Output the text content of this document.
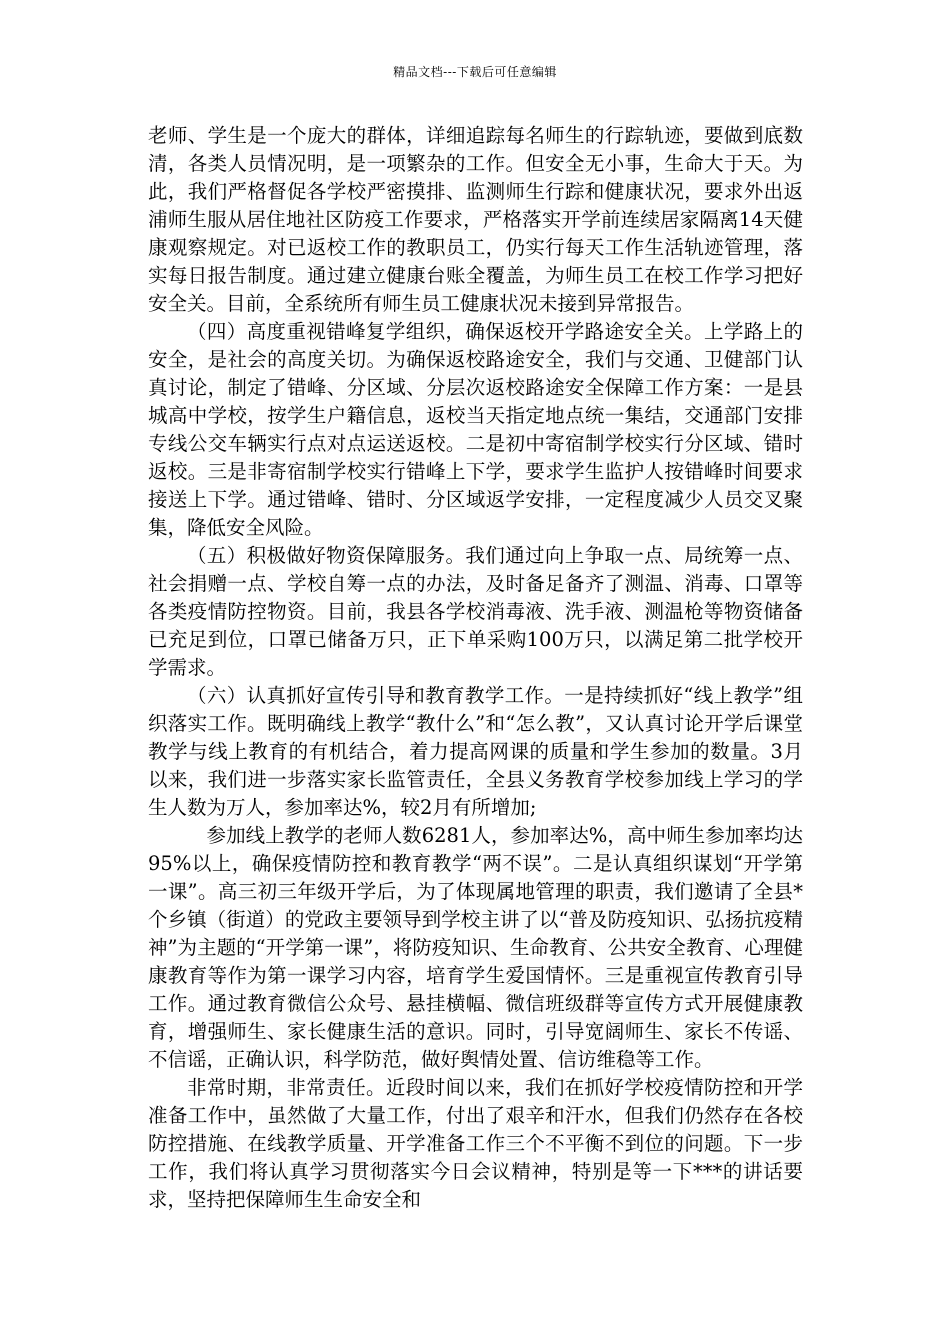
精品文档---下载后可任意编辑

老师、学生是一个庞大的群体，详细追踪每名师生的行踪轨迹，要做到底数清，各类人员情况明，是一项繁杂的工作。但安全无小事，生命大于天。为此，我们严格督促各学校严密摸排、监测师生行踪和健康状况，要求外出返浦师生服从居住地社区防疫工作要求，严格落实开学前连续居家隔离14天健康观察规定。对已返校工作的教职员工，仍实行每天工作生活轨迹管理，落实每日报告制度。通过建立健康台账全覆盖，为师生员工在校工作学习把好安全关。目前，全系统所有师生员工健康状况未接到异常报告。

（四）高度重视错峰复学组织，确保返校开学路途安全关。上学路上的安全，是社会的高度关切。为确保返校路途安全，我们与交通、卫健部门认真讨论，制定了错峰、分区域、分层次返校路途安全保障工作方案：一是县城高中学校，按学生户籍信息，返校当天指定地点统一集结，交通部门安排专线公交车辆实行点对点运送返校。二是初中寄宿制学校实行分区域、错时返校。三是非寄宿制学校实行错峰上下学，要求学生监护人按错峰时间要求接送上下学。通过错峰、错时、分区域返学安排，一定程度减少人员交叉聚集，降低安全风险。

（五）积极做好物资保障服务。我们通过向上争取一点、局统筹一点、社会捐赠一点、学校自筹一点的办法，及时备足备齐了测温、消毒、口罩等各类疫情防控物资。目前，我县各学校消毒液、洗手液、测温枪等物资储备已充足到位，口罩已储备万只，正下单采购100万只，以满足第二批学校开学需求。

（六）认真抓好宣传引导和教育教学工作。一是持续抓好“线上教学”组织落实工作。既明确线上教学“教什么”和“怎么教”，又认真讨论开学后课堂教学与线上教育的有机结合，着力提高网课的质量和学生参加的数量。3月以来，我们进一步落实家长监管责任，全县义务教育学校参加线上学习的学生人数为万人，参加率达%，较2月有所增加;

参加线上教学的老师人数6281人，参加率达%，高中师生参加率均达95%以上，确保疫情防控和教育教学“两不误”。二是认真组织谋划“开学第一课”。高三初三年级开学后，为了体现属地管理的职责，我们邀请了全县*个乡镇（街道）的党政主要领导到学校主讲了以“普及防疫知识、弘扬抗疫精神”为主题的“开学第一课”，将防疫知识、生命教育、公共安全教育、心理健康教育等作为第一课学习内容，培育学生爱国情怀。三是重视宣传教育引导工作。通过教育微信公众号、悬挂横幅、微信班级群等宣传方式开展健康教育，增强师生、家长健康生活的意识。同时，引导宽阔师生、家长不传谣、不信谣，正确认识，科学防范，做好舆情处置、信访维稳等工作。

非常时期，非常责任。近段时间以来，我们在抓好学校疫情防控和开学准备工作中，虽然做了大量工作，付出了艰辛和汗水，但我们仍然存在各校防控措施、在线教学质量、开学准备工作三个不平衡不到位的问题。下一步工作，我们将认真学习贯彻落实今日会议精神，特别是等一下***的讲话要求，坚持把保障师生生命安全和
